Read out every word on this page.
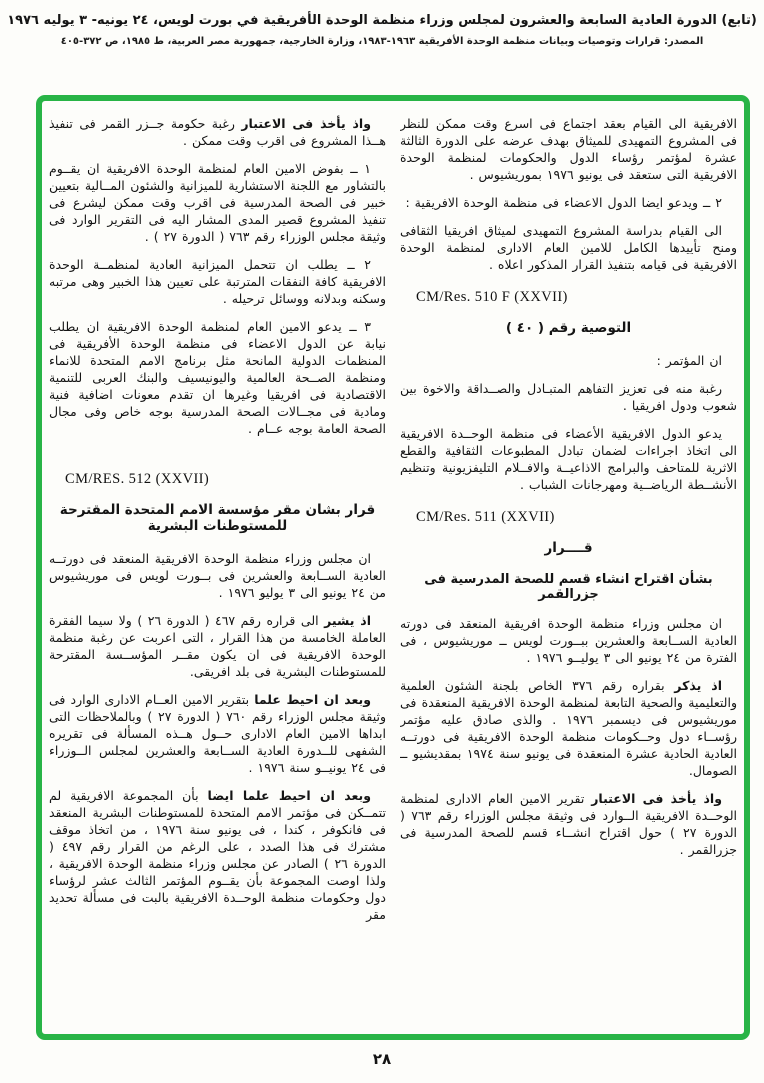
(تابع) الدورة العادية السابعة والعشرون لمجلس وزراء منظمة الوحدة الأفريقية في بورت لويس، ٢٤ يونيه- ٣ يوليه ١٩٧٦
المصدر: قرارات وتوصيات وبيانات منظمة الوحدة الأفريقية ١٩٦٣-١٩٨٣، وزارة الخارجية، جمهورية مصر العربية، ط ١٩٨٥، ص ٣٧٢-٤٠٥

الافريقية الى القيام بعقد اجتماع فى اسرع وقت ممكن للنظر فى المشروع التمهيدى للميثاق بهدف عرضه على الدورة الثالثة عشرة لمؤتمر رؤساء الدول والحكومات لمنظمة الوحدة الافريقية التى ستعقد فى يونيو ١٩٧٦ بموريشيوس .

٢ ــ ويدعو ايضا الدول الاعضاء فى منظمة الوحدة الافريقية :

الى القيام بدراسة المشروع التمهيدى لميثاق افريقيا الثقافى ومنح تأييدها الكامل للامين العام الادارى لمنظمة الوحدة الافريقية فى قيامه بتنفيذ القرار المذكور اعلاه .

CM/Res. 510 F (XXVII)
التوصية رقم ( ٤٠ )

ان المؤتمر :

رغبة منه فى تعزيز التفاهم المتبـادل والصــداقة والاخوة بين شعوب ودول افريقيا .

يدعو الدول الافريقية الأعضاء فى منظمة الوحــدة الافريقية الى اتخاذ اجراءات لضمان تبادل المطبوعات الثقافية والقطع الاثرية للمتاحف والبرامج الاذاعيــة والافــلام التليفزيونية وتنظيم الأنشــطة الرياضــية ومهرجانات الشباب .

CM/Res. 511 (XXVII)
قــــرار
بشأن اقتراح انشاء قسم للصحة المدرسية فى جزرالقمر

ان مجلس وزراء منظمة الوحدة افريقية المنعقد فى دورته العادية الســابعة والعشرين ببــورت لويس ــ موريشيوس ، فى الفترة من ٢٤ يونيو الى ٣ يوليــو ١٩٧٦ .

اذ يذكر بقراره رقم ٣٧٦ الخاص بلجنة الشئون العلمية والتعليمية والصحية التابعة لمنظمة الوحدة الافريقية المنعقدة فى موريشيوس فى ديسمبر ١٩٧٦ . والذى صادق عليه مؤتمر رؤســاء دول وحــكومات منظمة الوحدة الافريقية فى دورتــه العادية الحادية عشرة المنعقدة فى يونيو سنة ١٩٧٤ بمقديشيو ــ الصومال.

واذ يأخذ فى الاعتبار تقرير الامين العام الادارى لمنظمة الوحــدة الافريقية الــوارد فى وثيقة مجلس الوزراء رقم ٧٦٣ ( الدورة ٢٧ ) حول اقتراح انشــاء قسم للصحة المدرسية فى جزرالقمر .

واذ يأخذ فى الاعتبار رغبة حكومة جــزر القمر فى تنفيذ هــذا المشروع فى اقرب وقت ممكن .

١ ــ بفوض الامين العام لمنظمة الوحدة الافريقية ان يقــوم بالتشاور مع اللجنة الاستشارية للميزانية والشئون المــالية بتعيين خبير فى الصحة المدرسية فى اقرب وقت ممكن ليشرع فى تنفيذ المشروع قصير المدى المشار اليه فى التقرير الوارد فى وثيقة مجلس الوزراء رقم ٧٦٣ ( الدورة ٢٧ ) .

٢ ــ يطلب ان تتحمل الميزانية العادية لمنظمــة الوحدة الافريقية كافة النفقات المترتبة على تعيين هذا الخبير وهى مرتبه وسكنه وبدلانه ووسائل ترحيله .

٣ ــ يدعو الامين العام لمنظمة الوحدة الافريقية ان يطلب نيابة عن الدول الاعضاء فى منظمة الوحدة الأفريقية فى المنظمات الدولية المانحة مثل برنامج الامم المتحدة للانماء ومنظمة الصــحة العالمية واليونيسيف والبنك العربى للتنمية الاقتصادية فى افريقيا وغيرها ان تقدم معونات اضافية فنية ومادية فى مجــالات الصحة المدرسية بوجه خاص وفى مجال الصحة العامة بوجه عــام .

CM/RES. 512 (XXVII)
قرار بشان مقر مؤسسة الامم المتحدة المقترحة للمستوطنات البشرية

ان مجلس وزراء منظمة الوحدة الافريقية المنعقد فى دورتــه العادية الســابعة والعشرين فى بــورت لويس فى موريشيوس من ٢٤ يونيو الى ٣ يوليو ١٩٧٦ .

اذ يشير الى قراره رقم ٤٦٧ ( الدورة ٢٦ ) ولا سيما الفقرة العاملة الخامسة من هذا القرار ، التى اعربت عن رغبة منظمة الوحدة الافريقية فى ان يكون مقــر المؤســسة المقترحة للمستوطنات البشرية فى بلد افريقى.

وبعد ان احيط علما بتقرير الامين العــام الادارى الوارد فى وثيقة مجلس الوزراء رقم ٧٦٠ ( الدورة ٢٧ ) وبالملاحظات التى ابداها الامين العام الادارى حــول هــذه المسألة فى تقريره الشفهى للــدورة العادية الســابعة والعشرين لمجلس الــوزراء فى ٢٤ يونيــو سنة ١٩٧٦ .

وبعد ان احيط علما ايضا بأن المجموعة الافريقية لم تتمــكن فى مؤتمر الامم المتحدة للمستوطنات البشرية المنعقد فى فانكوفر ، كندا ، فى يونيو سنة ١٩٧٦ ، من اتخاذ موقف مشترك فى هذا الصدد ، على الرغم من القرار رقم ٤٩٧ ( الدورة ٢٦ ) الصادر عن مجلس وزراء منظمة الوحدة الافريقية ، ولذا اوصت المجموعة بأن يقــوم المؤتمر الثالث عشر لرؤساء دول وحكومات منظمة الوحــدة الافريقية بالبت فى مسألة تحديد مقر

٢٨
